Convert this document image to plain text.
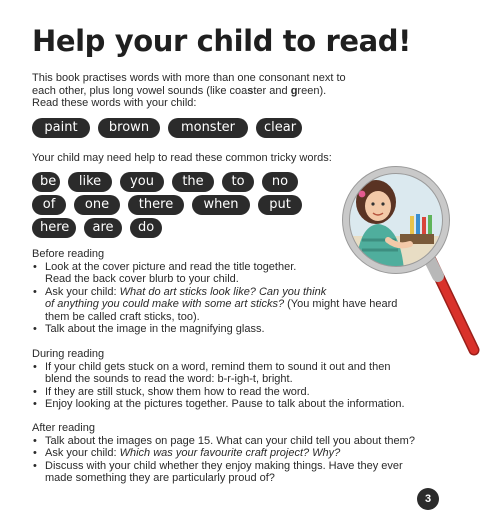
Help your child to read!

This book practises words with more than one consonant next to

each other, plus long vowel sounds (like coaster and green).

Read these words with your child:

paint	brown	monster	clear
Your child may need help to read these common tricky words:
be	like	you	the	to	no
of	one	there	when	put
here	are	do
Before reading
• Look at the cover picture and read the title together.
Read the back cover blurb to your child.
• Ask your child: What do art sticks look like? Can you think
of anything you could make with some art sticks? (You might have heard
them be called craft sticks, too).
• Talk about the image in the magnifying glass.
During reading
• If your child gets stuck on a word, remind them to sound it out and then
blend the sounds to read the word: b-r-igh-t, bright.
• If they are still stuck, show them how to read the word.
• Enjoy looking at the pictures together. Pause to talk about the information.
After reading
• Talk about the images on page 15. What can your child tell you about them?
• Ask your child: Which was your favourite craft project? Why?
• Discuss with your child whether they enjoy making things. Have they ever
made something they are particularly proud of?
3
